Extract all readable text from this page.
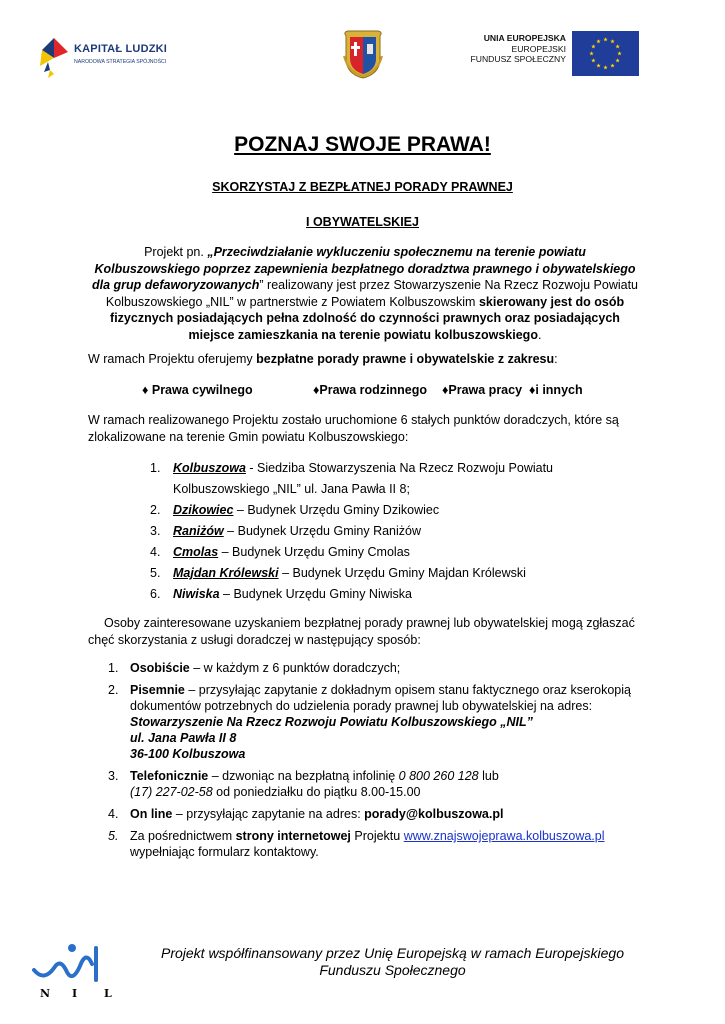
KAPITAŁ LUDZKI
NARODOWA STRATEGIA SPÓJNOŚCI
UNIA EUROPEJSKA
EUROPEJSKI
FUNDUSZ SPOŁECZNY
POZNAJ SWOJE PRAWA!

SKORZYSTAJ Z BEZPŁATNEJ PORADY PRAWNEJ

I OBYWATELSKIEJ

Projekt pn. „Przeciwdziałanie wykluczeniu społecznemu na terenie powiatu Kolbuszowskiego poprzez zapewnienia bezpłatnego doradztwa prawnego i obywatelskiego dla grup defaworyzowanych” realizowany jest przez Stowarzyszenie Na Rzecz Rozwoju Powiatu Kolbuszowskiego „NIL” w partnerstwie z Powiatem Kolbuszowskim skierowany jest do osób fizycznych posiadających pełna zdolność do czynności prawnych oraz posiadających miejsce zamieszkania na terenie powiatu kolbuszowskiego.

W ramach Projektu oferujemy bezpłatne porady prawne i obywatelskie z zakresu:

♦ Prawa cywilnego	♦Prawa rodzinnego ♦Prawa pracy ♦i innych

W ramach realizowanego Projektu zostało uruchomione 6 stałych punktów doradczych, które są zlokalizowane na terenie Gmin powiatu Kolbuszowskiego:

1. Kolbuszowa - Siedziba Stowarzyszenia Na Rzecz Rozwoju Powiatu Kolbuszowskiego „NIL” ul. Jana Pawła II 8;
2. Dzikowiec – Budynek Urzędu Gminy Dzikowiec
3. Raniżów – Budynek Urzędu Gminy Raniżów
4. Cmolas – Budynek Urzędu Gminy Cmolas
5. Majdan Królewski – Budynek Urzędu Gminy Majdan Królewski
6. Niwiska – Budynek Urzędu Gminy Niwiska

Osoby zainteresowane uzyskaniem bezpłatnej porady prawnej lub obywatelskiej mogą zgłaszać chęć skorzystania z usługi doradczej w następujący sposób:

1. Osobiście – w każdym z 6 punktów doradczych;
2. Pisemnie – przysyłając zapytanie z dokładnym opisem stanu faktycznego oraz kserokopią dokumentów potrzebnych do udzielenia porady prawnej lub obywatelskiej na adres:
Stowarzyszenie Na Rzecz Rozwoju Powiatu Kolbuszowskiego „NIL”
ul. Jana Pawła II 8
36-100 Kolbuszowa
3. Telefonicznie – dzwoniąc na bezpłatną infolinię 0 800 260 128 lub
(17) 227-02-58 od poniedziałku do piątku 8.00-15.00
4. On line – przysyłając zapytanie na adres: porady@kolbuszowa.pl
5. Za pośrednictwem strony internetowej Projektu www.znajswojeprawa.kolbuszowa.pl wypełniając formularz kontaktowy.
N I L

Projekt współfinansowany przez Unię Europejską w ramach Europejskiego
Funduszu Społecznego
